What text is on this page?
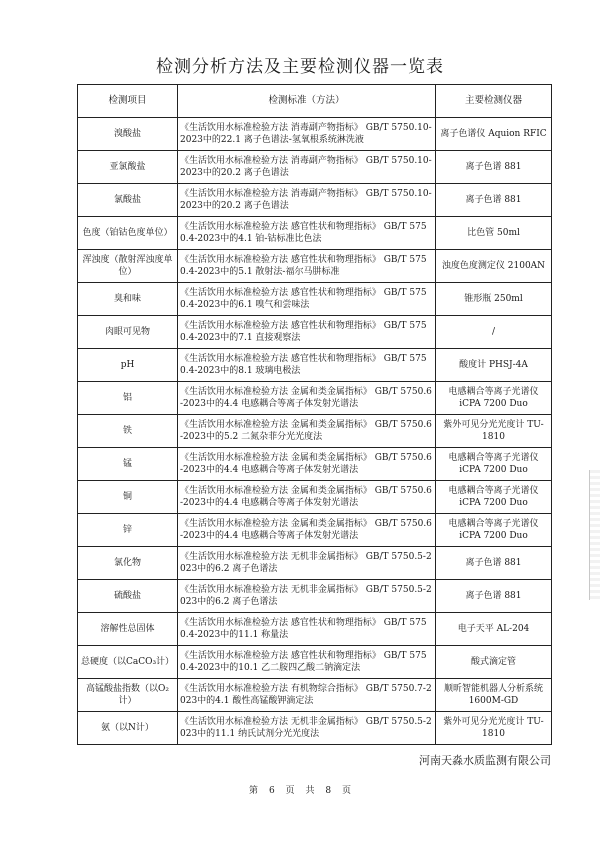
检测分析方法及主要检测仪器一览表
检测项目	检测标准（方法）	主要检测仪器
溴酸盐	《生活饮用水标准检验方法 消毒副产物指标》 GB/T 5750.10-2023中的22.1 离子色谱法-氢氧根系统淋洗液	离子色谱仪 Aquion RFIC
亚氯酸盐	《生活饮用水标准检验方法 消毒副产物指标》 GB/T 5750.10-2023中的20.2 离子色谱法	离子色谱 881
氯酸盐	《生活饮用水标准检验方法 消毒副产物指标》 GB/T 5750.10-2023中的20.2 离子色谱法	离子色谱 881
色度（铂钴色度单位）	《生活饮用水标准检验方法 感官性状和物理指标》 GB/T 5750.4-2023中的4.1 铂-钴标准比色法	比色管 50ml
浑浊度（散射浑浊度单位）	《生活饮用水标准检验方法 感官性状和物理指标》 GB/T 5750.4-2023中的5.1 散射法-福尔马肼标准	浊度色度测定仪 2100AN
臭和味	《生活饮用水标准检验方法 感官性状和物理指标》 GB/T 5750.4-2023中的6.1 嗅气和尝味法	锥形瓶 250ml
肉眼可见物	《生活饮用水标准检验方法 感官性状和物理指标》 GB/T 5750.4-2023中的7.1 直接观察法	/
pH	《生活饮用水标准检验方法 感官性状和物理指标》 GB/T 5750.4-2023中的8.1 玻璃电极法	酸度计 PHSJ-4A
铝	《生活饮用水标准检验方法 金属和类金属指标》 GB/T 5750.6-2023中的4.4 电感耦合等离子体发射光谱法	电感耦合等离子光谱仪 iCPA 7200 Duo
铁	《生活饮用水标准检验方法 金属和类金属指标》 GB/T 5750.6-2023中的5.2 二氮杂菲分光光度法	紫外可见分光光度计 TU-1810
锰	《生活饮用水标准检验方法 金属和类金属指标》 GB/T 5750.6-2023中的4.4 电感耦合等离子体发射光谱法	电感耦合等离子光谱仪 iCPA 7200 Duo
铜	《生活饮用水标准检验方法 金属和类金属指标》 GB/T 5750.6-2023中的4.4 电感耦合等离子体发射光谱法	电感耦合等离子光谱仪 iCPA 7200 Duo
锌	《生活饮用水标准检验方法 金属和类金属指标》 GB/T 5750.6-2023中的4.4 电感耦合等离子体发射光谱法	电感耦合等离子光谱仪 iCPA 7200 Duo
氯化物	《生活饮用水标准检验方法 无机非金属指标》 GB/T 5750.5-2023中的6.2 离子色谱法	离子色谱 881
硫酸盐	《生活饮用水标准检验方法 无机非金属指标》 GB/T 5750.5-2023中的6.2 离子色谱法	离子色谱 881
溶解性总固体	《生活饮用水标准检验方法 感官性状和物理指标》 GB/T 5750.4-2023中的11.1 称量法	电子天平 AL-204
总硬度（以CaCO₃计）	《生活饮用水标准检验方法 感官性状和物理指标》 GB/T 5750.4-2023中的10.1 乙二胺四乙酸二钠滴定法	酸式滴定管
高锰酸盐指数（以O₂计）	《生活饮用水标准检验方法 有机物综合指标》 GB/T 5750.7-2023中的4.1 酸性高锰酸钾滴定法	顺昕智能机器人分析系统 1600M-GD
氨（以N计）	《生活饮用水标准检验方法 无机非金属指标》 GB/T 5750.5-2023中的11.1 纳氏试剂分光光度法	紫外可见分光光度计 TU-1810
河南天淼水质监测有限公司
第 6 页 共 8 页
